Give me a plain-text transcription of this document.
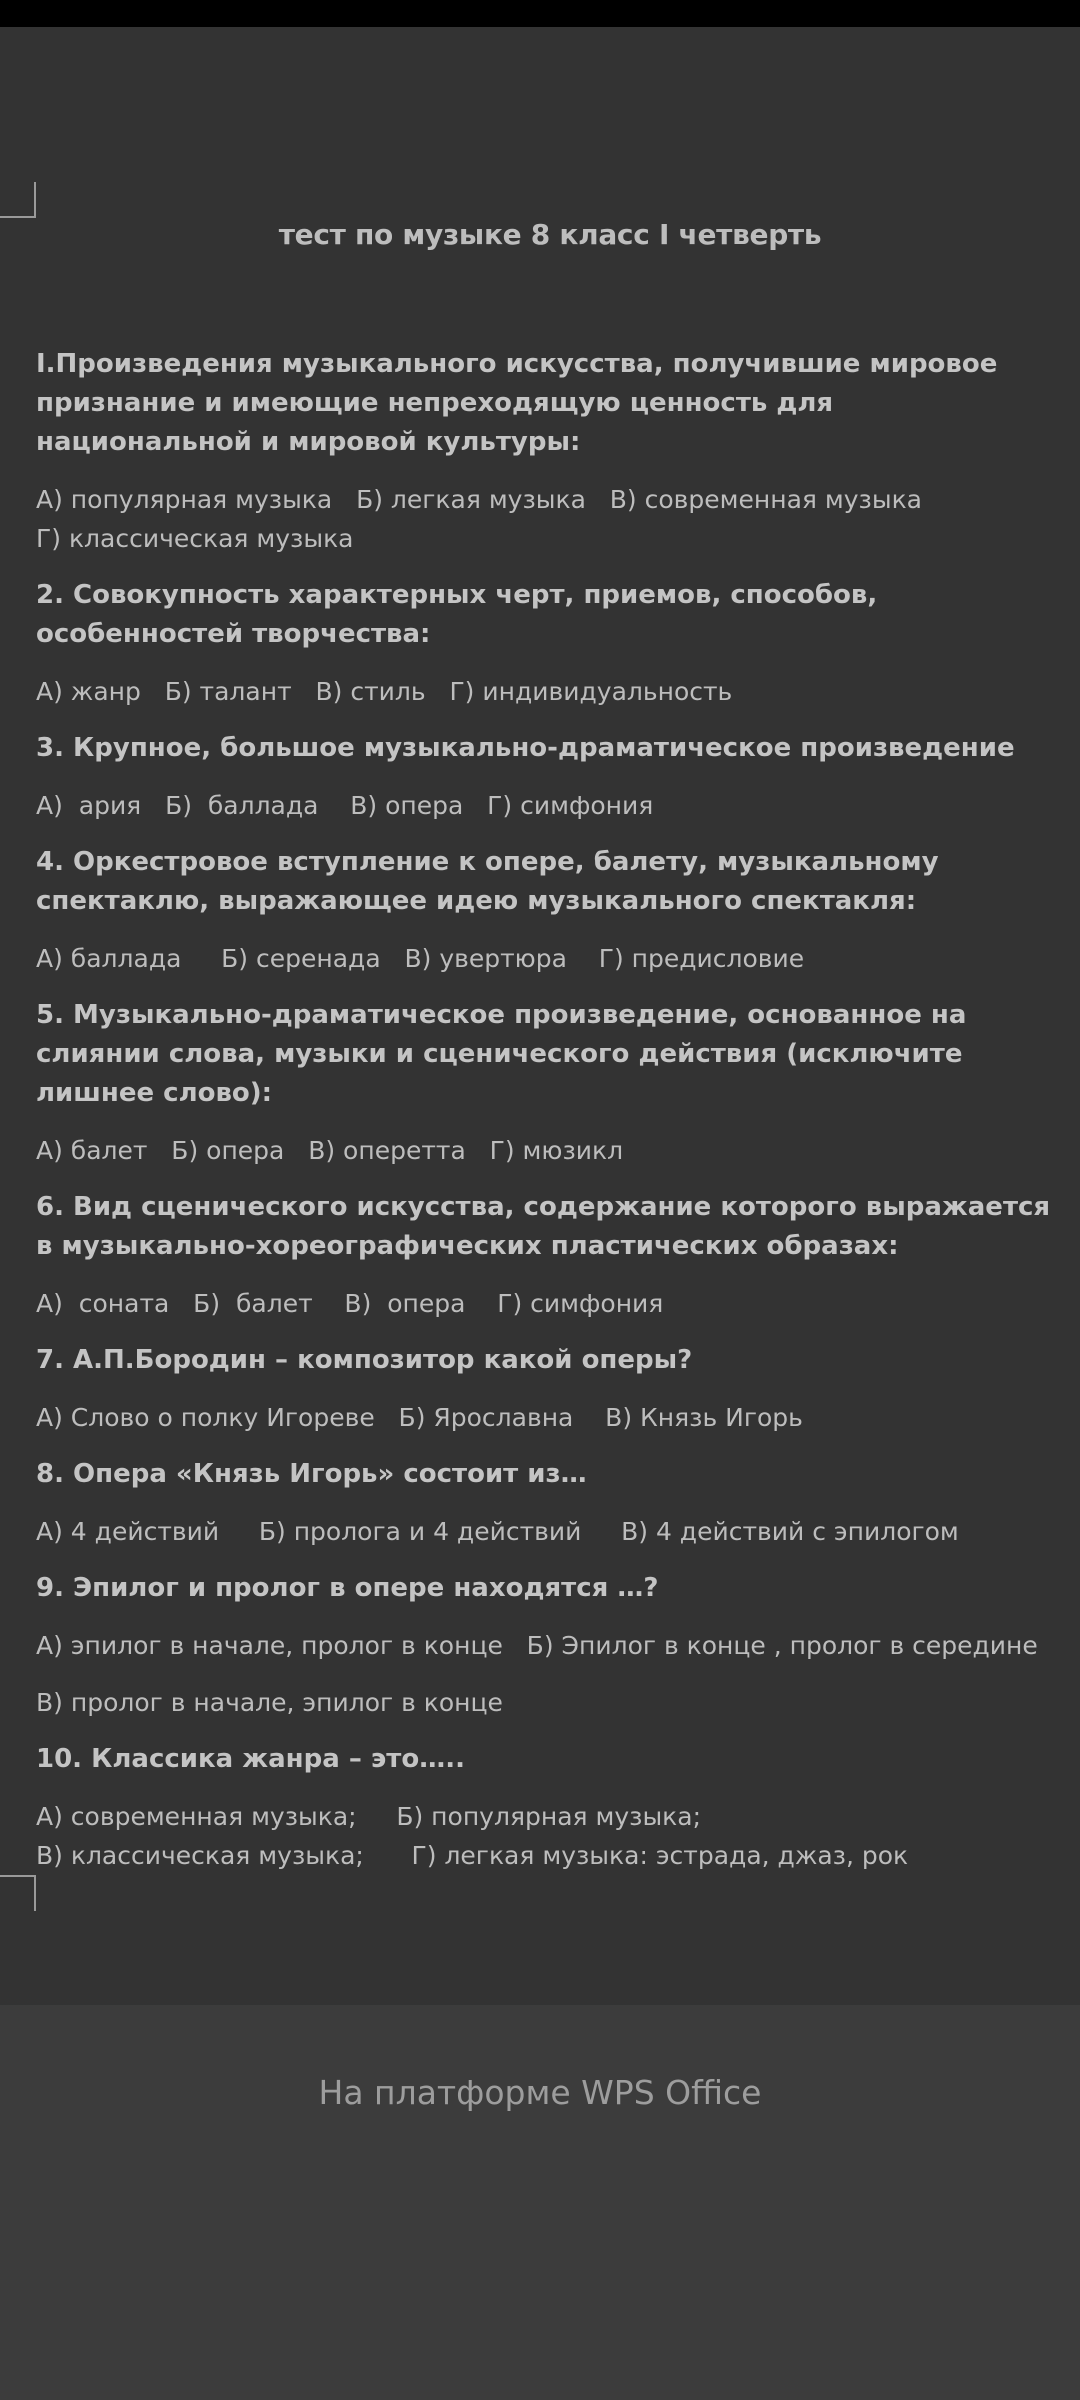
тест по музыке 8 класс I четверть
I.Произведения музыкального искусства, получившие мировое признание и имеющие непреходящую ценность для национальной и мировой культуры:
А) популярная музыка   Б) легкая музыка   В) современная музыка
Г) классическая музыка
2. Совокупность характерных черт, приемов, способов, особенностей творчества:
А) жанр   Б) талант   В) стиль   Г) индивидуальность
3. Крупное, большое музыкально-драматическое произведение
А)  ария   Б)  баллада    В) опера   Г) симфония
4. Оркестровое вступление к опере, балету, музыкальному спектаклю, выражающее идею музыкального спектакля:
А) баллада     Б) серенада   В) увертюра    Г) предисловие
5. Музыкально-драматическое произведение, основанное на слиянии слова, музыки и сценического действия (исключите лишнее слово):
А) балет   Б) опера   В) оперетта   Г) мюзикл
6. Вид сценического искусства, содержание которого выражается в музыкально-хореографических пластических образах:
А)  соната   Б)  балет    В)  опера    Г) симфония
7. А.П.Бородин – композитор какой оперы?
А) Слово о полку Игореве   Б) Ярославна    В) Князь Игорь
8. Опера «Князь Игорь» состоит из…
А) 4 действий     Б) пролога и 4 действий     В) 4 действий с эпилогом
9. Эпилог и пролог в опере находятся …?
А) эпилог в начале, пролог в конце   Б) Эпилог в конце , пролог в середине
В) пролог в начале, эпилог в конце
10. Классика жанра – это…..
А) современная музыка;     Б) популярная музыка;
В) классическая музыка;      Г) легкая музыка: эстрада, джаз, рок
На платформе WPS Office
